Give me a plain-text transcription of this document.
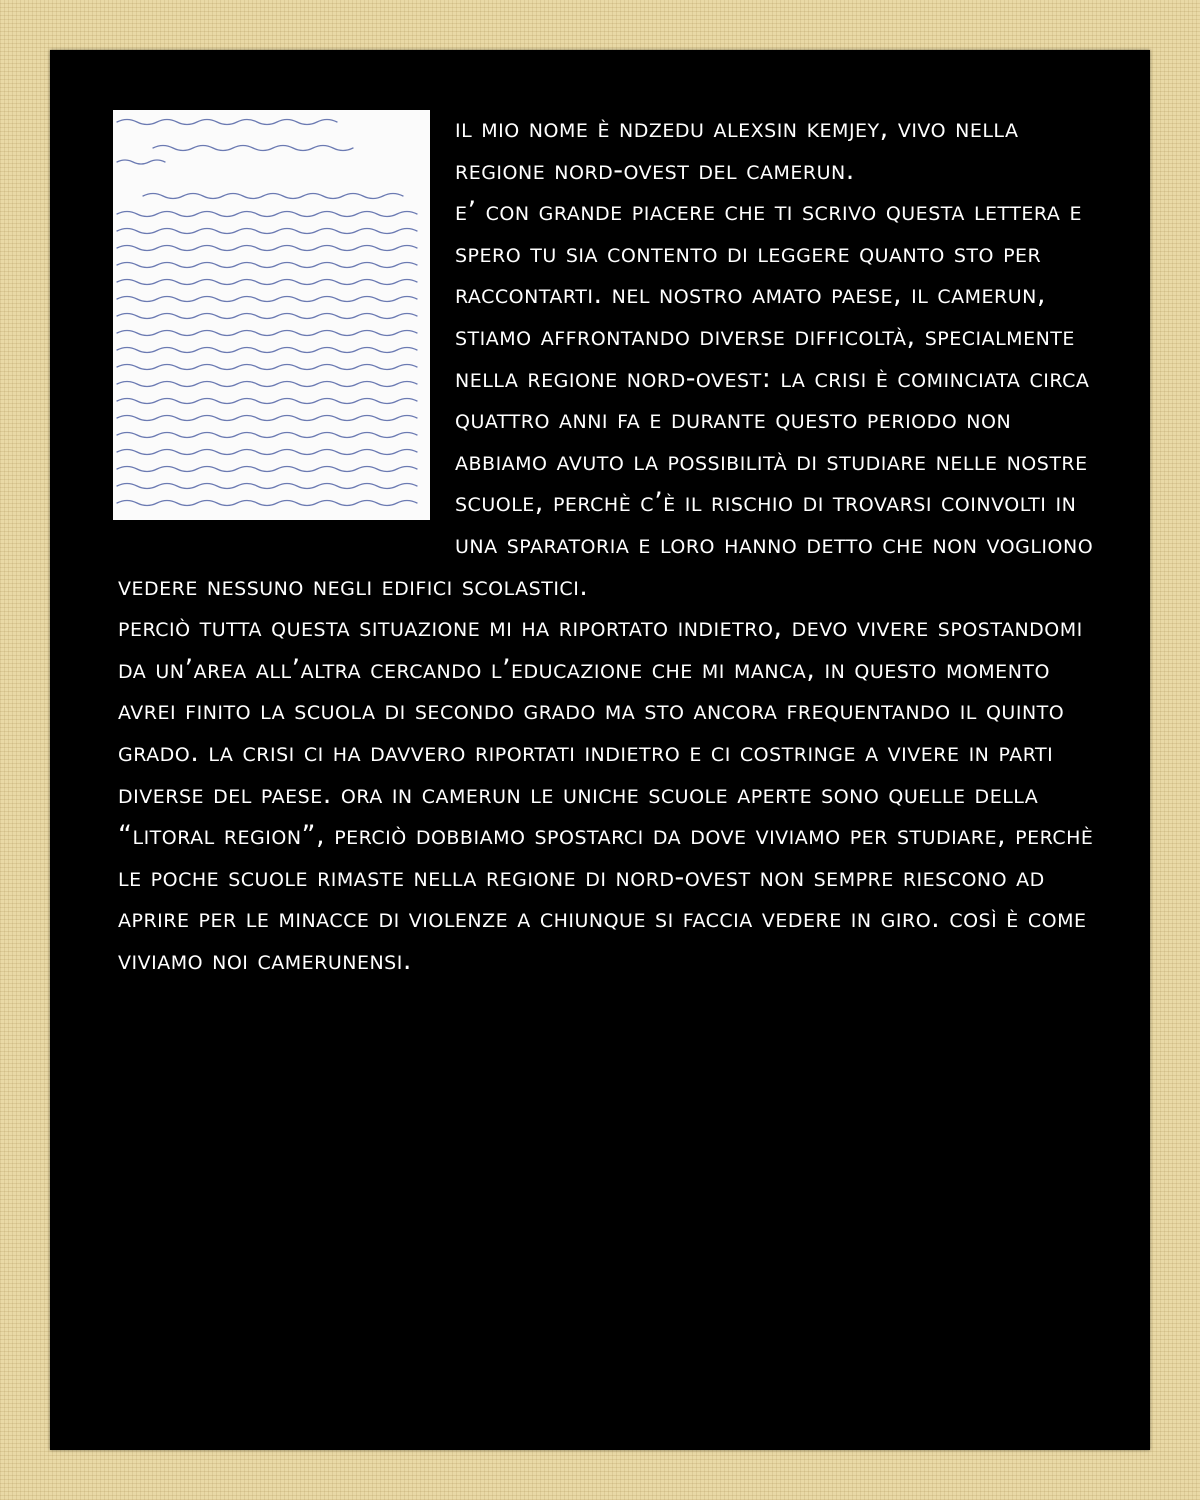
il mio nome è ndzedu alexsin kemjey, vivo nella regione nord-ovest del camerun.
e’ con grande piacere che ti scrivo questa lettera e spero tu sia contento di leggere quanto sto per raccontarti. nel nostro amato paese, il camerun, stiamo affrontando diverse difficoltà, specialmente nella regione nord-ovest: la crisi è cominciata circa quattro anni fa e durante questo periodo non abbiamo avuto la possibilità di studiare nelle nostre scuole, perchè c’è il rischio di trovarsi coinvolti in una sparatoria e loro hanno detto che non vogliono vedere nessuno negli edifici scolastici.
perciò tutta questa situazione mi ha riportato indietro, devo vivere spostandomi da un’area all’altra cercando l’educazione che mi manca, in questo momento avrei finito la scuola di secondo grado ma sto ancora frequentando il quinto grado. la crisi ci ha davvero riportati indietro e ci costringe a vivere in parti diverse del paese. ora in camerun le uniche scuole aperte sono quelle della “litoral region”, perciò dobbiamo spostarci da dove viviamo per studiare, perchè le poche scuole rimaste nella regione di nord-ovest non sempre riescono ad aprire per le minacce di violenze a chiunque si faccia vedere in giro. così è come viviamo noi camerunensi.
